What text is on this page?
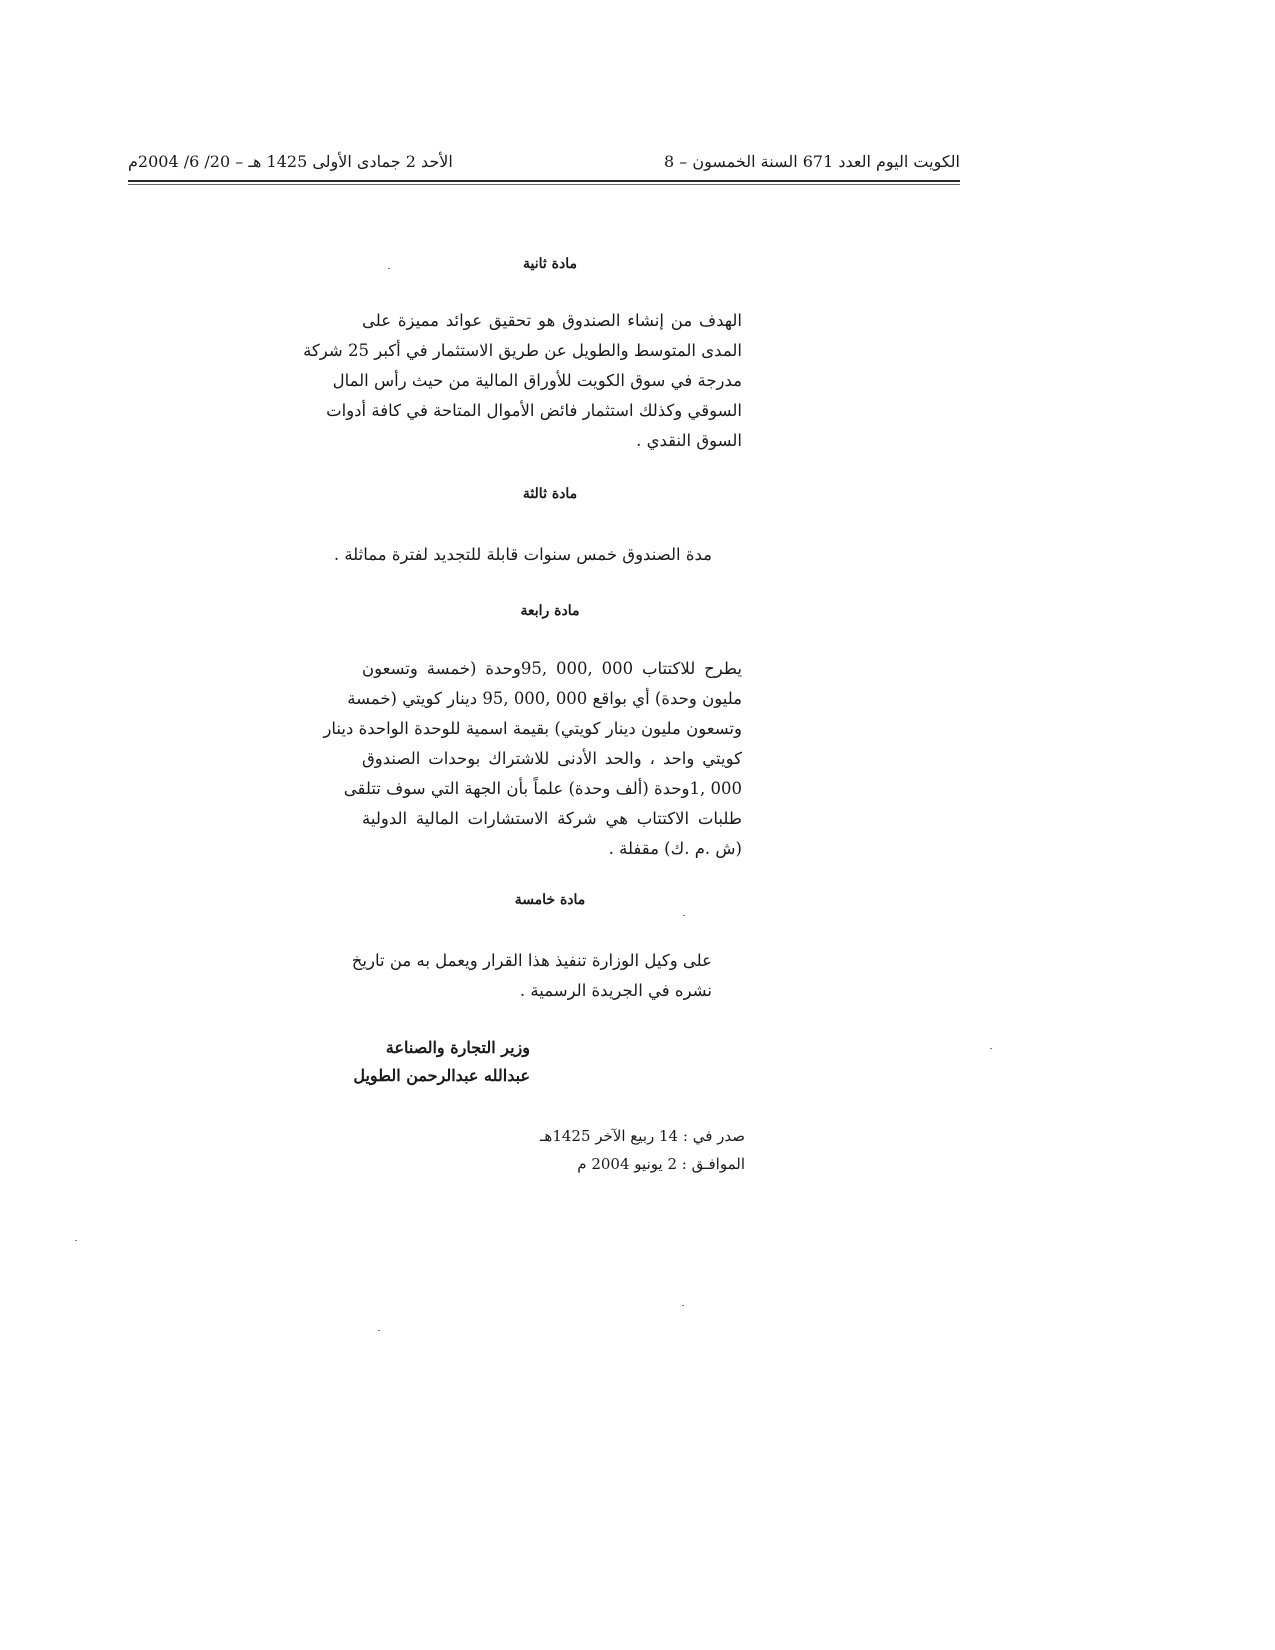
الكويت اليوم العدد 671 السنة الخمسون – 8
الأحد 2 جمادى الأولى 1425 هـ – 20/ 6/ 2004م
مادة ثانية
الهدف من إنشاء الصندوق هو تحقيق عوائد مميزة على
المدى المتوسط والطويل عن طريق الاستثمار في أكبر 25 شركة
مدرجة في سوق الكويت للأوراق المالية من حيث رأس المال
السوقي وكذلك استثمار فائض الأموال المتاحة في كافة أدوات
السوق النقدي .
مادة ثالثة
مدة الصندوق خمس سنوات قابلة للتجديد لفترة مماثلة .
مادة رابعة
يطرح للاكتتاب 000 ,000 ,95وحدة (خمسة وتسعون
مليون وحدة) أي بواقع 000 ,000 ,95 دينار كويتي (خمسة
وتسعون مليون دينار كويتي) بقيمة اسمية للوحدة الواحدة دينار
كويتي واحد ، والحد الأدنى للاشتراك بوحدات الصندوق
000 ,1وحدة (ألف وحدة) علماً بأن الجهة التي سوف تتلقى
طلبات الاكتتاب هي شركة الاستشارات المالية الدولية
(ش .م .ك) مقفلة .
مادة خامسة
على وكيل الوزارة تنفيذ هذا القرار ويعمل به من تاريخ
نشره في الجريدة الرسمية .
وزير التجارة والصناعة
عبدالله عبدالرحمن الطويل
صدر في : 14 ربيع الآخر 1425هـ
الموافـق : 2 يونيو 2004 م
